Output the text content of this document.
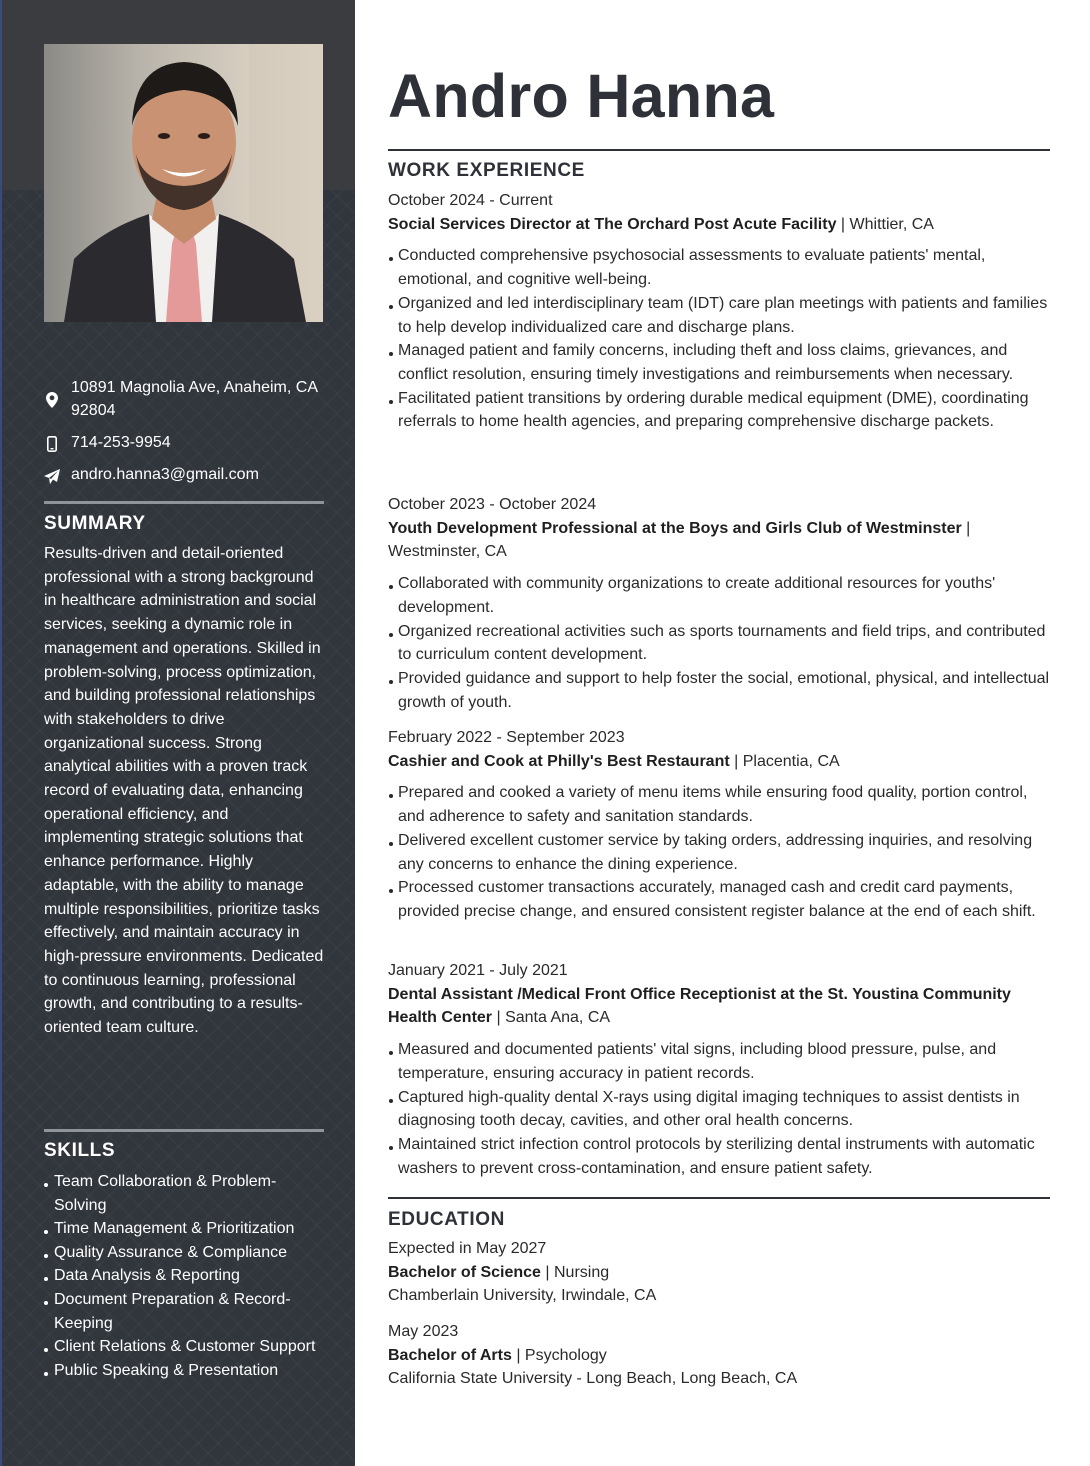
10891 Magnolia Ave, Anaheim, CA 92804
714-253-9954
andro.hanna3@gmail.com
SUMMARY
Results-driven and detail-oriented professional with a strong background in healthcare administration and social services, seeking a dynamic role in management and operations. Skilled in problem-solving, process optimization, and building professional relationships with stakeholders to drive organizational success. Strong analytical abilities with a proven track record of evaluating data, enhancing operational efficiency, and implementing strategic solutions that enhance performance. Highly adaptable, with the ability to manage multiple responsibilities, prioritize tasks effectively, and maintain accuracy in high-pressure environments. Dedicated to continuous learning, professional growth, and contributing to a results-oriented team culture.
SKILLS
Team Collaboration & Problem-Solving
Time Management & Prioritization
Quality Assurance & Compliance
Data Analysis & Reporting
Document Preparation & Record-Keeping
Client Relations & Customer Support
Public Speaking & Presentation
Andro Hanna
WORK EXPERIENCE
October 2024 - Current
Social Services Director at The Orchard Post Acute Facility | Whittier, CA
Conducted comprehensive psychosocial assessments to evaluate patients' mental, emotional, and cognitive well-being.
Organized and led interdisciplinary team (IDT) care plan meetings with patients and families to help develop individualized care and discharge plans.
Managed patient and family concerns, including theft and loss claims, grievances, and conflict resolution, ensuring timely investigations and reimbursements when necessary.
Facilitated patient transitions by ordering durable medical equipment (DME), coordinating referrals to home health agencies, and preparing comprehensive discharge packets.
October 2023 - October 2024
Youth Development Professional at the Boys and Girls Club of Westminster | Westminster, CA
Collaborated with community organizations to create additional resources for youths' development.
Organized recreational activities such as sports tournaments and field trips, and contributed to curriculum content development.
Provided guidance and support to help foster the social, emotional, physical, and intellectual growth of youth.
February 2022 - September 2023
Cashier and Cook at Philly's Best Restaurant | Placentia, CA
Prepared and cooked a variety of menu items while ensuring food quality, portion control, and adherence to safety and sanitation standards.
Delivered excellent customer service by taking orders, addressing inquiries, and resolving any concerns to enhance the dining experience.
Processed customer transactions accurately, managed cash and credit card payments, provided precise change, and ensured consistent register balance at the end of each shift.
January 2021 - July 2021
Dental Assistant /Medical Front Office Receptionist at the St. Youstina Community Health Center | Santa Ana, CA
Measured and documented patients' vital signs, including blood pressure, pulse, and temperature, ensuring accuracy in patient records.
Captured high-quality dental X-rays using digital imaging techniques to assist dentists in diagnosing tooth decay, cavities, and other oral health concerns.
Maintained strict infection control protocols by sterilizing dental instruments with automatic washers to prevent cross-contamination, and ensure patient safety.
EDUCATION
Expected in May 2027
Bachelor of Science | Nursing
Chamberlain University, Irwindale, CA
May 2023
Bachelor of Arts | Psychology
California State University - Long Beach, Long Beach, CA
